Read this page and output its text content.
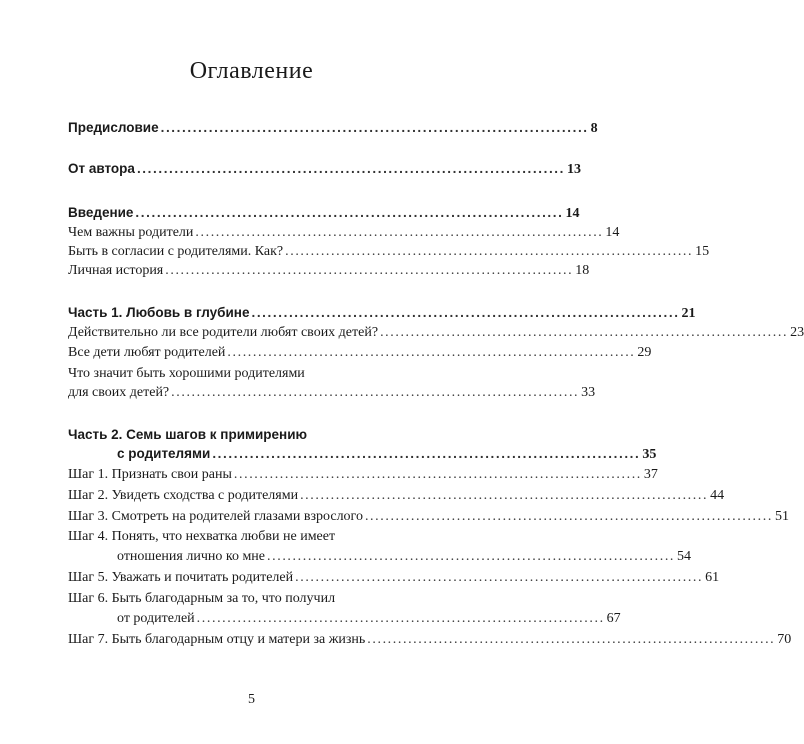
Оглавление
Предисловие ................................................................................ 8
От автора ................................................................................ 13
Введение ................................................................................ 14
Чем важны родители ................................................................................ 14
Быть в согласии с родителями. Как? ................................................................................ 15
Личная история ................................................................................ 18
Часть 1. Любовь в глубине ................................................................................ 21
Действительно ли все родители любят своих детей? ................................................................................ 23
Все дети любят родителей ................................................................................ 29
Что значит быть хорошими родителями
для своих детей? ................................................................................ 33
Часть 2. Семь шагов к примирению
с родителями ................................................................................ 35
Шаг 1. Признать свои раны ................................................................................ 37
Шаг 2. Увидеть сходства с родителями ................................................................................ 44
Шаг 3. Смотреть на родителей глазами взрослого ................................................................................ 51
Шаг 4. Понять, что нехватка любви не имеет
отношения лично ко мне ................................................................................ 54
Шаг 5. Уважать и почитать родителей ................................................................................ 61
Шаг 6. Быть благодарным за то, что получил
от родителей ................................................................................ 67
Шаг 7. Быть благодарным отцу и матери за жизнь ................................................................................ 70
5
